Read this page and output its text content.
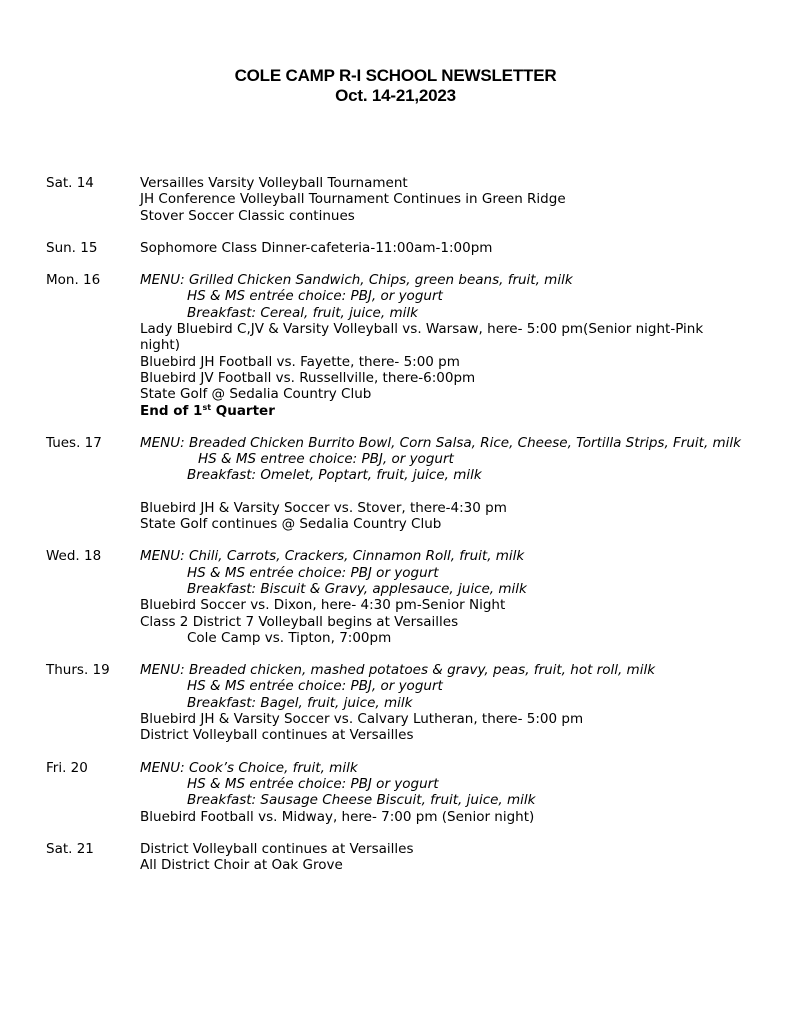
COLE CAMP R-I SCHOOL NEWSLETTER
Oct. 14-21,2023
Sat. 14	Versailles Varsity Volleyball Tournament
JH Conference Volleyball Tournament Continues in Green Ridge
Stover Soccer Classic continues
Sun. 15	Sophomore Class Dinner-cafeteria-11:00am-1:00pm
Mon. 16	MENU: Grilled Chicken Sandwich, Chips, green beans, fruit, milk
HS & MS entrée choice: PBJ, or yogurt
Breakfast: Cereal, fruit, juice, milk
Lady Bluebird C,JV & Varsity Volleyball vs. Warsaw, here- 5:00 pm(Senior night-Pink night)
Bluebird JH Football vs. Fayette, there- 5:00 pm
Bluebird JV Football vs. Russellville, there-6:00pm
State Golf @ Sedalia Country Club
End of 1st Quarter
Tues. 17	MENU: Breaded Chicken Burrito Bowl, Corn Salsa, Rice, Cheese, Tortilla Strips, Fruit, milk
HS & MS entree choice: PBJ, or yogurt
Breakfast: Omelet, Poptart, fruit, juice, milk
Bluebird JH & Varsity Soccer vs. Stover, there-4:30 pm
State Golf continues @ Sedalia Country Club
Wed. 18	MENU: Chili, Carrots, Crackers, Cinnamon Roll, fruit, milk
HS & MS entrée choice: PBJ or yogurt
Breakfast: Biscuit & Gravy, applesauce, juice, milk
Bluebird Soccer vs. Dixon, here- 4:30 pm-Senior Night
Class 2 District 7 Volleyball begins at Versailles
Cole Camp vs. Tipton, 7:00pm
Thurs. 19	MENU: Breaded chicken, mashed potatoes & gravy, peas, fruit, hot roll, milk
HS & MS entrée choice: PBJ, or yogurt
Breakfast: Bagel, fruit, juice, milk
Bluebird JH & Varsity Soccer vs. Calvary Lutheran, there- 5:00 pm
District Volleyball continues at Versailles
Fri. 20	MENU: Cook’s Choice, fruit, milk
HS & MS entrée choice: PBJ or yogurt
Breakfast: Sausage Cheese Biscuit, fruit, juice, milk
Bluebird Football vs. Midway, here- 7:00 pm (Senior night)
Sat. 21	District Volleyball continues at Versailles
All District Choir at Oak Grove
